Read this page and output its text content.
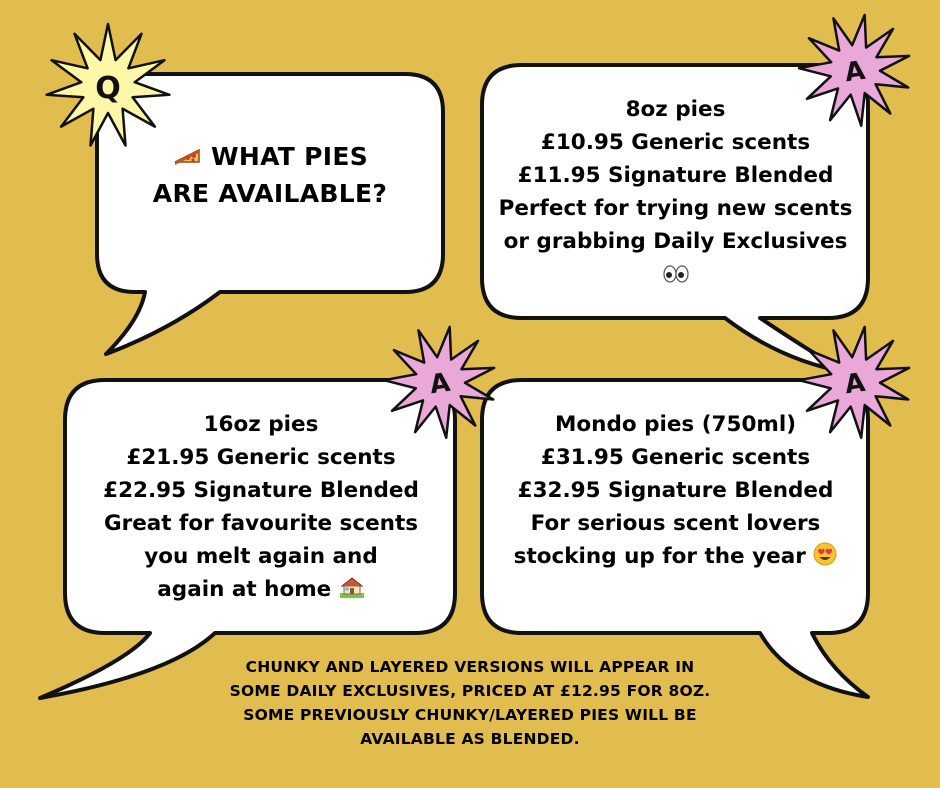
Q	A
A	A
WHAT PIES
ARE AVAILABLE?
8oz pies
£10.95 Generic scents
£11.95 Signature Blended
Perfect for trying new scents
or grabbing Daily Exclusives
16oz pies
£21.95 Generic scents
£22.95 Signature Blended
Great for favourite scents
you melt again and
again at home
Mondo pies (750ml)
£31.95 Generic scents
£32.95 Signature Blended
For serious scent lovers
stocking up for the year
CHUNKY AND LAYERED VERSIONS WILL APPEAR IN
SOME DAILY EXCLUSIVES, PRICED AT £12.95 FOR 8OZ.
SOME PREVIOUSLY CHUNKY/LAYERED PIES WILL BE
AVAILABLE AS BLENDED.
